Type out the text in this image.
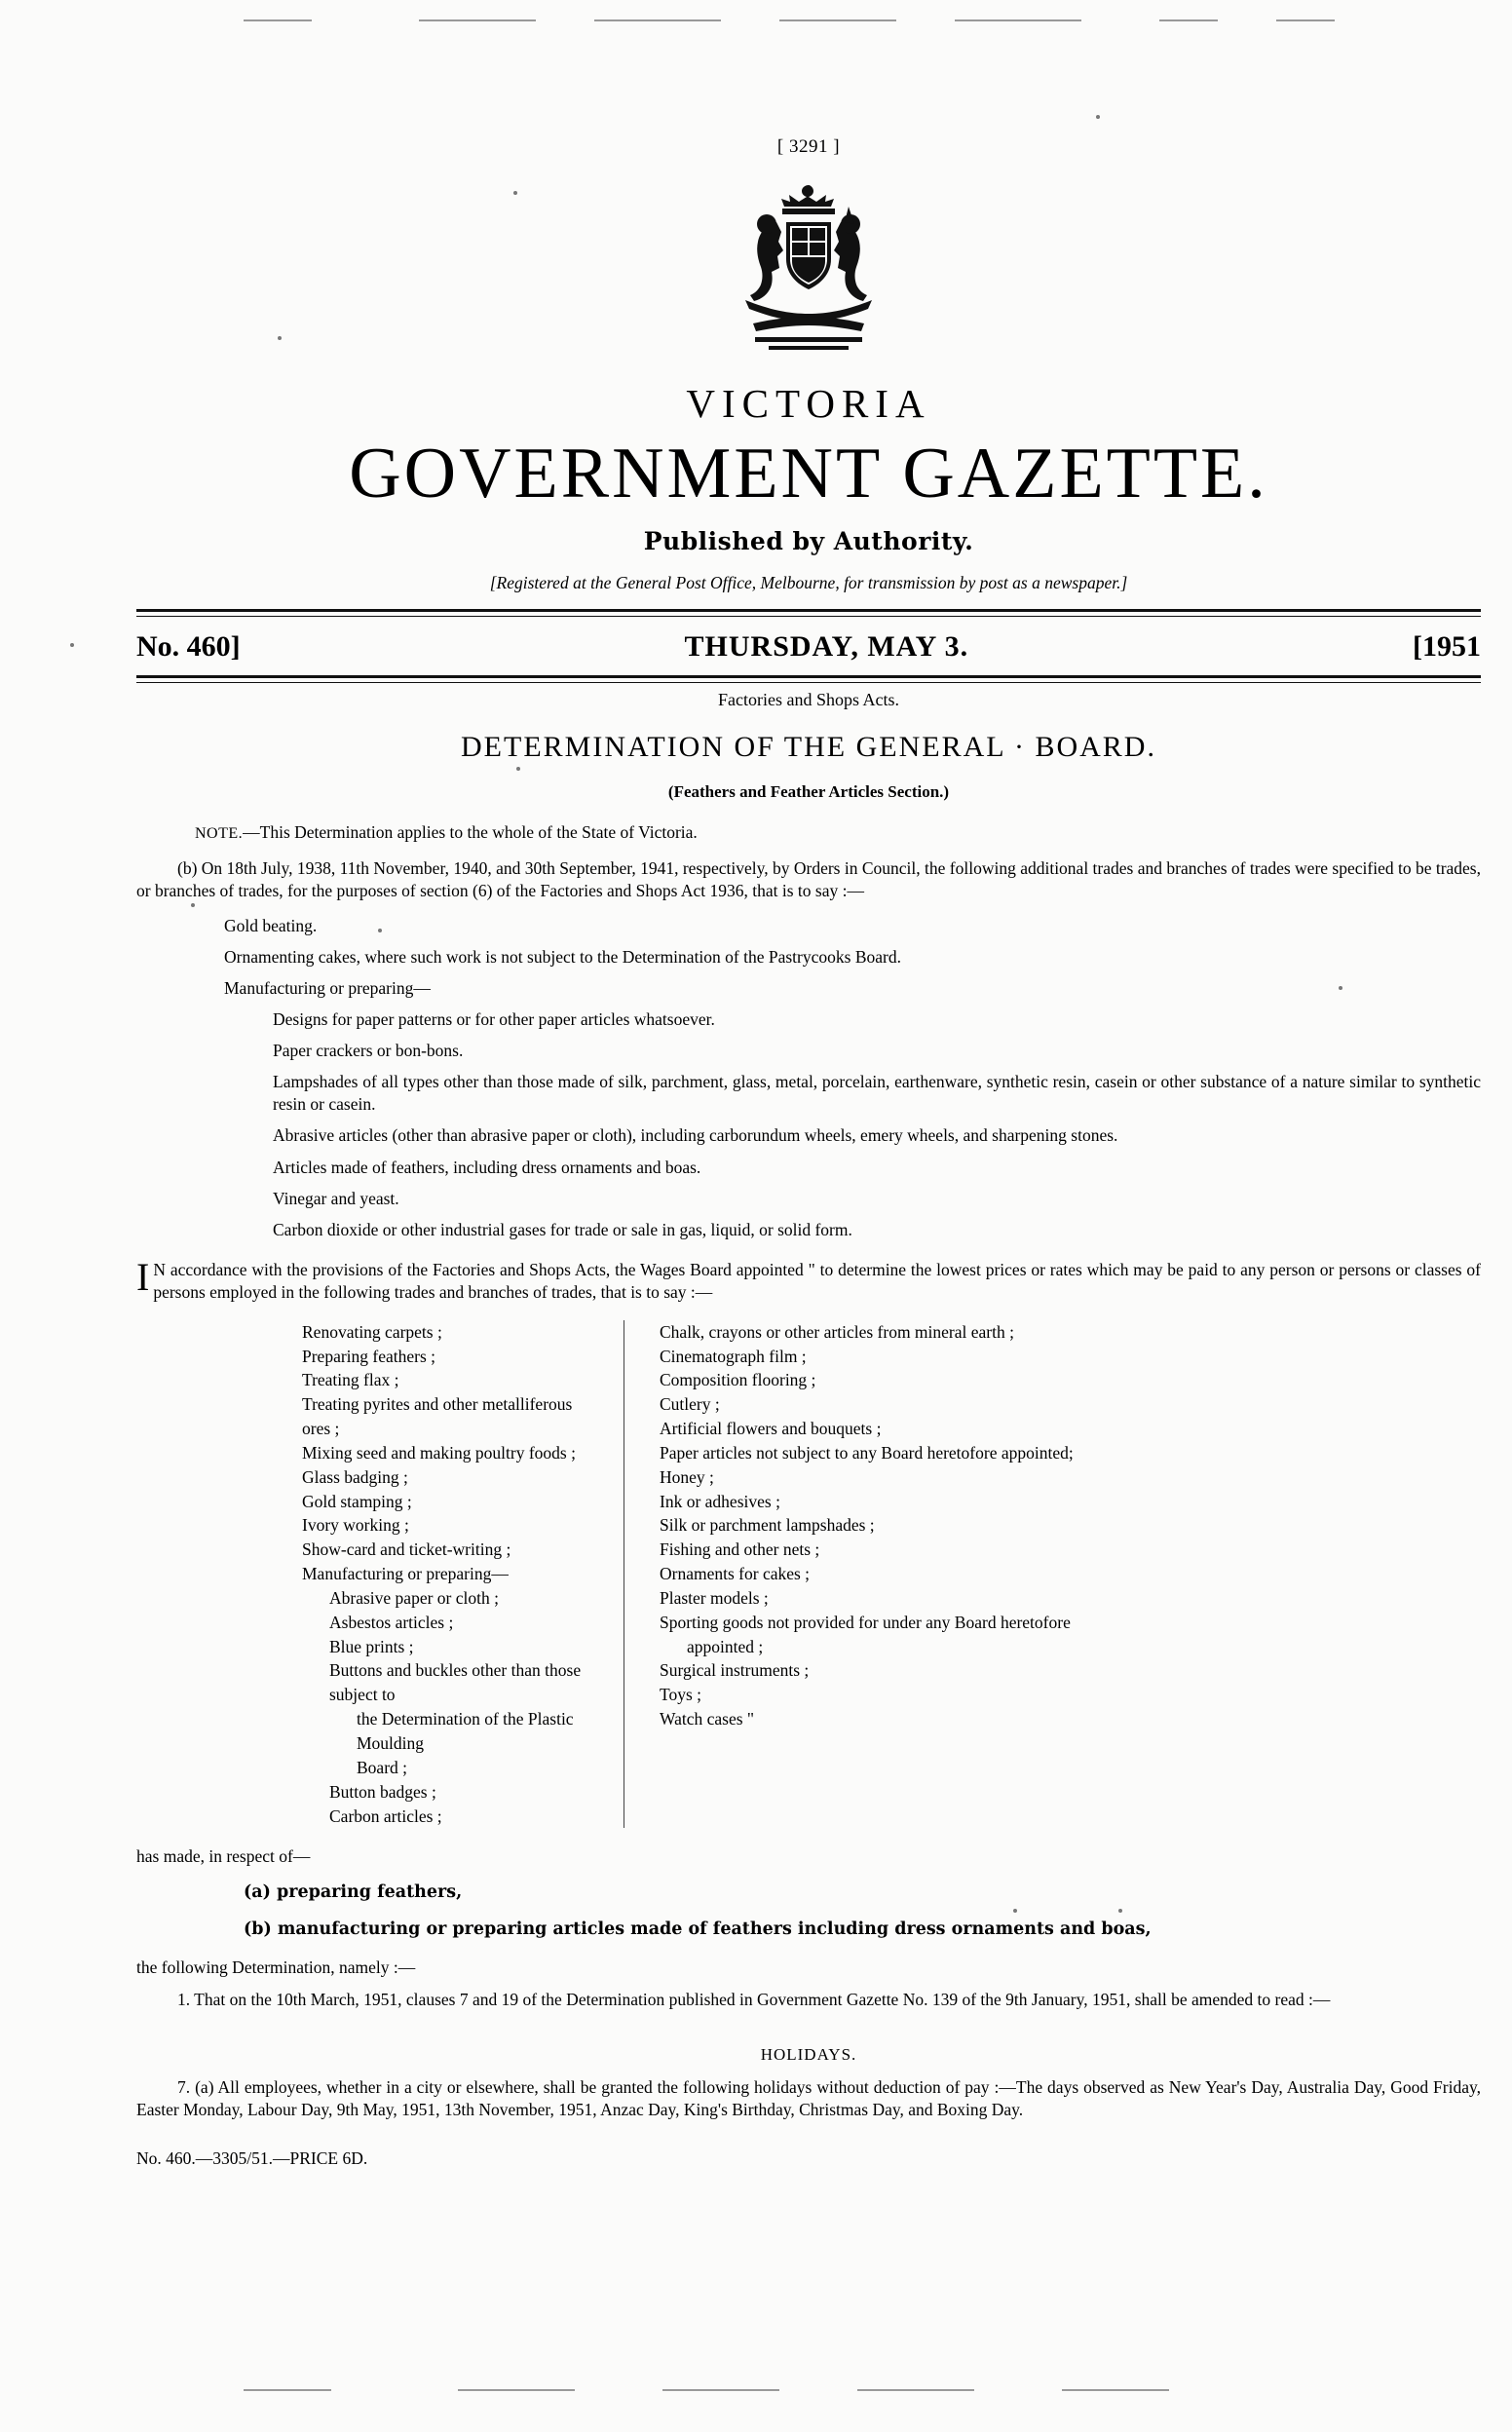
[ 3291 ]
VICTORIA
GOVERNMENT GAZETTE.
Published by Authority.
[Registered at the General Post Office, Melbourne, for transmission by post as a newspaper.]
No. 460]	THURSDAY, MAY 3.	[1951
Factories and Shops Acts.
DETERMINATION OF THE GENERAL · BOARD.
(Feathers and Feather Articles Section.)
NOTE.—This Determination applies to the whole of the State of Victoria.
(b) On 18th July, 1938, 11th November, 1940, and 30th September, 1941, respectively, by Orders in Council, the following additional trades and branches of trades were specified to be trades, or branches of trades, for the purposes of section (6) of the Factories and Shops Act 1936, that is to say :—
Gold beating.
Ornamenting cakes, where such work is not subject to the Determination of the Pastrycooks Board.
Manufacturing or preparing—
Designs for paper patterns or for other paper articles whatsoever.
Paper crackers or bon-bons.
Lampshades of all types other than those made of silk, parchment, glass, metal, porcelain, earthenware, synthetic resin, casein or other substance of a nature similar to synthetic resin or casein.
Abrasive articles (other than abrasive paper or cloth), including carborundum wheels, emery wheels, and sharpening stones.
Articles made of feathers, including dress ornaments and boas.
Vinegar and yeast.
Carbon dioxide or other industrial gases for trade or sale in gas, liquid, or solid form.
I N accordance with the provisions of the Factories and Shops Acts, the Wages Board appointed " to determine the lowest prices or rates which may be paid to any person or persons or classes of persons employed in the following trades and branches of trades, that is to say :—
Renovating carpets ;
Preparing feathers ;
Treating flax ;
Treating pyrites and other metalliferous ores ;
Mixing seed and making poultry foods ;
Glass badging ;
Gold stamping ;
Ivory working ;
Show-card and ticket-writing ;
Manufacturing or preparing—
Abrasive paper or cloth ;
Asbestos articles ;
Blue prints ;
Buttons and buckles other than those subject to
the Determination of the Plastic Moulding
Board ;
Button badges ;
Carbon articles ;
Chalk, crayons or other articles from mineral earth ;
Cinematograph film ;
Composition flooring ;
Cutlery ;
Artificial flowers and bouquets ;
Paper articles not subject to any Board heretofore appointed;
Honey ;
Ink or adhesives ;
Silk or parchment lampshades ;
Fishing and other nets ;
Ornaments for cakes ;
Plaster models ;
Sporting goods not provided for under any Board heretofore
appointed ;
Surgical instruments ;
Toys ;
Watch cases "
has made, in respect of—
(a) preparing feathers,
(b) manufacturing or preparing articles made of feathers including dress ornaments and boas,
the following Determination, namely :—
1. That on the 10th March, 1951, clauses 7 and 19 of the Determination published in Government Gazette No. 139 of the 9th January, 1951, shall be amended to read :—
HOLIDAYS.
7. (a) All employees, whether in a city or elsewhere, shall be granted the following holidays without deduction of pay :—The days observed as New Year's Day, Australia Day, Good Friday, Easter Monday, Labour Day, 9th May, 1951, 13th November, 1951, Anzac Day, King's Birthday, Christmas Day, and Boxing Day.
No. 460.—3305/51.—PRICE 6D.
